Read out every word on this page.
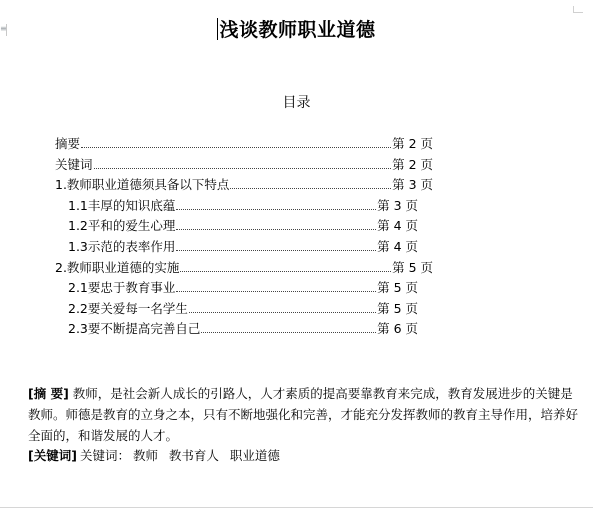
≡
浅谈教师职业道德
目录
摘要	第 2 页
关键词	第 2 页
1.教师职业道德须具备以下特点	第 3 页
1.1丰厚的知识底蕴	第 3 页
1.2平和的爱生心理	第 4 页
1.3示范的表率作用	第 4 页
2.教师职业道德的实施	第 5 页
2.1要忠于教育事业	第 5 页
2.2要关爱每一名学生	第 5 页
2.3要不断提高完善自己	第 6 页
[摘 要] 教师，是社会新人成长的引路人，人才素质的提高要靠教育来完成，教育发展进步的关键是教师。师德是教育的立身之本，只有不断地强化和完善，才能充分发挥教师的教育主导作用，培养好全面的，和谐发展的人才。
[关键词] 关键词： 教师 教书育人 职业道德
